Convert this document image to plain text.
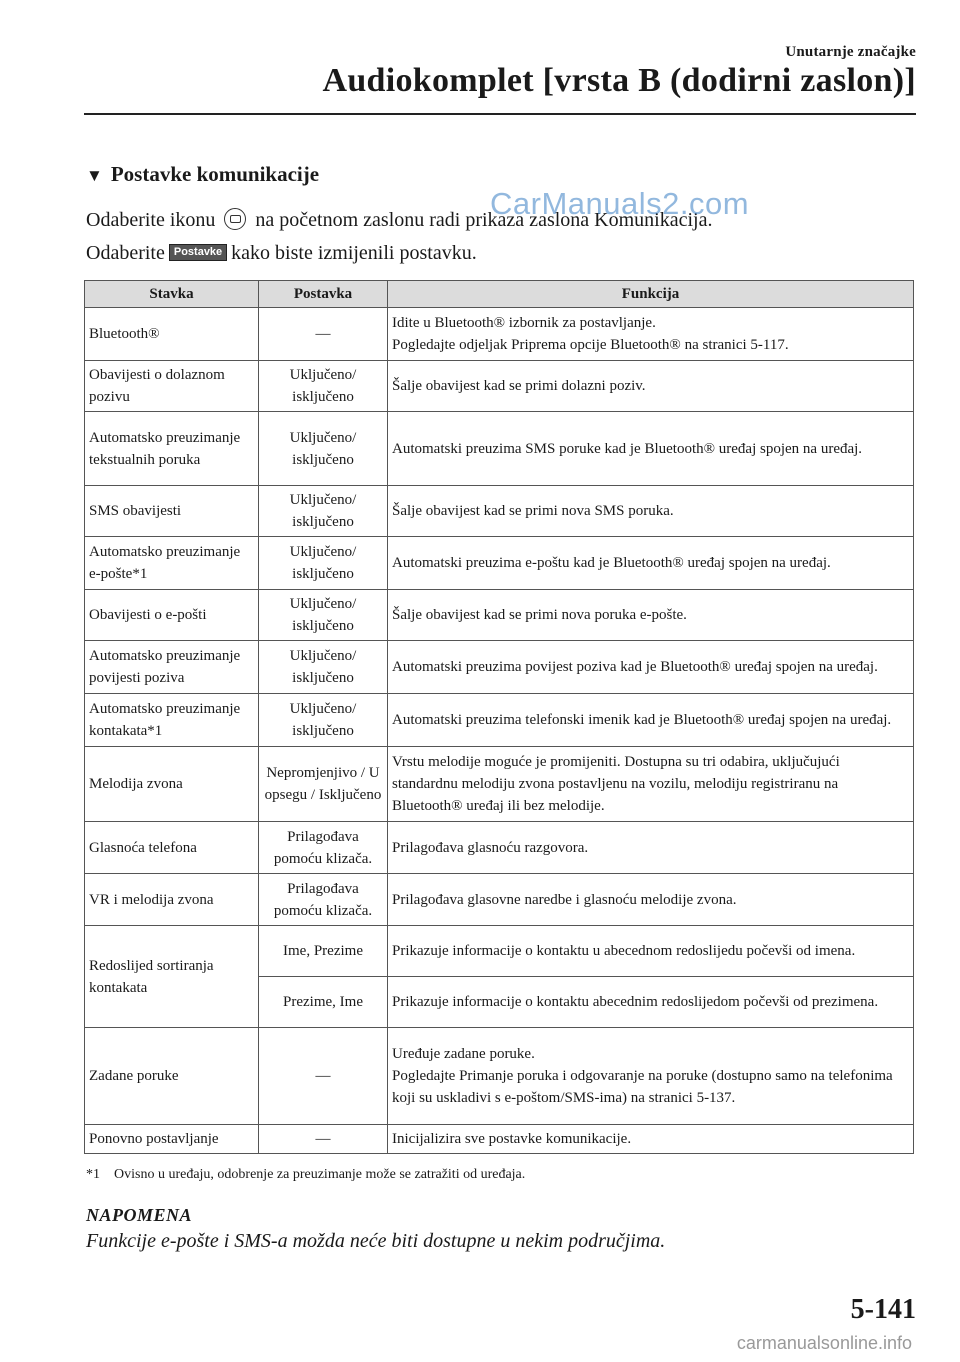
Unutarnje značajke
Audiokomplet [vrsta B (dodirni zaslon)]
▼ Postavke komunikacije
Odaberite ikonu na početnom zaslonu radi prikaza zaslona Komunikacija.
Odaberite Postavke kako biste izmijenili postavku.
CarManuals2.com
Stavka	Postavka	Funkcija
Bluetooth®	—	Idite u Bluetooth® izbornik za postavljanje.
Pogledajte odjeljak Priprema opcije Bluetooth® na stranici 5-117.

Obavijesti o dolaznom pozivu	Uključeno/ isključeno	Šalje obavijest kad se primi dolazni poziv.

Automatsko preuzimanje tekstualnih poruka	Uključeno/ isključeno	Automatski preuzima SMS poruke kad je Bluetooth® uređaj spojen na uređaj.

SMS obavijesti	Uključeno/ isključeno	Šalje obavijest kad se primi nova SMS poruka.

Automatsko preuzimanje e-pošte*1	Uključeno/ isključeno	Automatski preuzima e-poštu kad je Bluetooth® uređaj spojen na uređaj.

Obavijesti o e-pošti	Uključeno/ isključeno	Šalje obavijest kad se primi nova poruka e-pošte.

Automatsko preuzimanje povijesti poziva	Uključeno/ isključeno	Automatski preuzima povijest poziva kad je Bluetooth® uređaj spojen na uređaj.

Automatsko preuzimanje kontakata*1	Uključeno/ isključeno	Automatski preuzima telefonski imenik kad je Bluetooth® uređaj spojen na uređaj.

Melodija zvona	Nepromjenjivo / U opsegu / Isključeno	Vrstu melodije moguće je promijeniti. Dostupna su tri odabira, uključujući standardnu melodiju zvona postavljenu na vozilu, melodiju registriranu na Bluetooth® uređaj ili bez melodije.

Glasnoća telefona	Prilagođava pomoću klizača.	Prilagođava glasnoću razgovora.

VR i melodija zvona	Prilagođava pomoću klizača.	Prilagođava glasovne naredbe i glasnoću melodije zvona.

Redoslijed sortiranja kontakata	Ime, Prezime	Prikazuje informacije o kontaktu u abecednom redoslijedu počevši od imena.

	Prezime, Ime	Prikazuje informacije o kontaktu abecednim redoslijedom počevši od prezimena.

Zadane poruke	—	Uređuje zadane poruke.
Pogledajte Primanje poruka i odgovaranje na poruke (dostupno samo na telefonima koji su uskladivi s e-poštom/SMS-ima) na stranici 5-137.

Ponovno postavljanje	—	Inicijalizira sve postavke komunikacije.
*1 Ovisno u uređaju, odobrenje za preuzimanje može se zatražiti od uređaja.
NAPOMENA
Funkcije e-pošte i SMS-a možda neće biti dostupne u nekim područjima.
5-141
carmanualsonline.info
